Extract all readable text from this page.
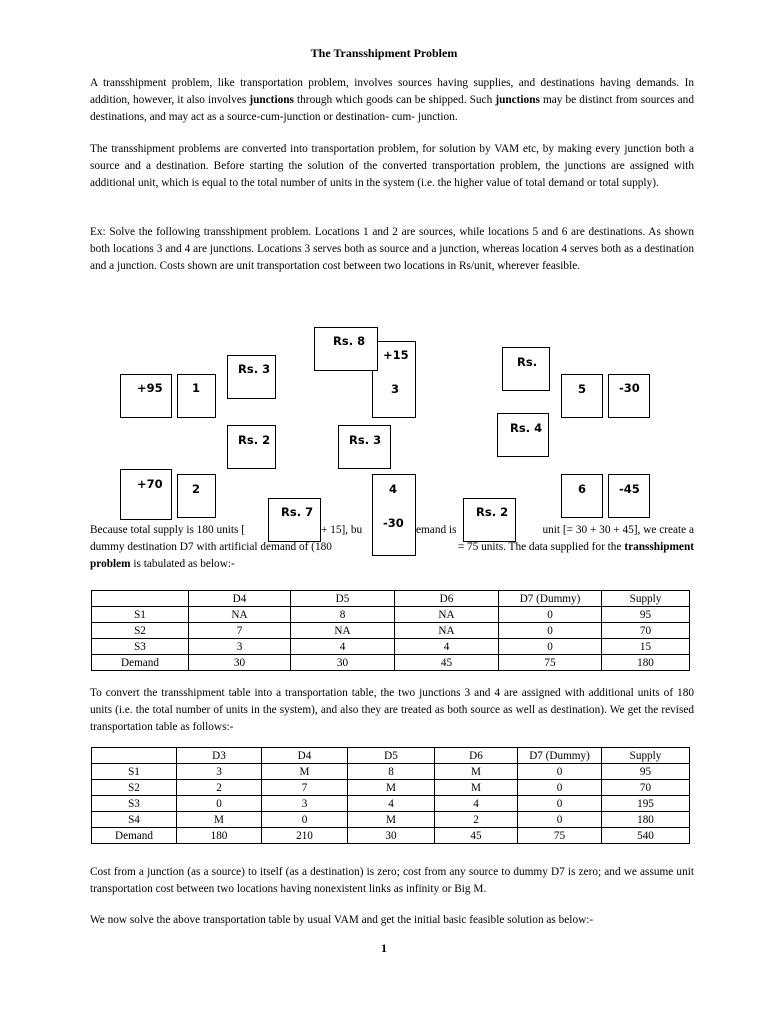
The Transshipment Problem

A transshipment problem, like transportation problem, involves sources having supplies, and destinations having demands. In addition, however, it also involves junctions through which goods can be shipped. Such junctions may be distinct from sources and destinations, and may act as a source-cum-junction or destination- cum- junction.

The transshipment problems are converted into transportation problem, for solution by VAM etc, by making every junction both a source and a destination. Before starting the solution of the converted transportation problem, the junctions are assigned with additional unit, which is equal to the total number of units in the system (i.e. the higher value of total demand or total supply).

Ex: Solve the following transshipment problem. Locations 1 and 2 are sources, while locations 5 and 6 are destinations. As shown both locations 3 and 4 are junctions. Locations 3 serves both as source and a junction, whereas location 4 serves both as a destination and a junction. Costs shown are unit transportation cost between two locations in Rs/unit, wherever feasible.

+95	1
Rs. 3
3
Rs. 8
+15	Rs.
5	-30
Rs. 2	Rs. 3
Rs. 4
+70	2	4
-30
Rs. 7	Rs. 2
6	-45
Because total supply is 180 units [	+ 15], bu	emand is	unit [= 30 + 30 + 45], we create a
dummy destination D7 with artificial demand of (180	= 75 units. The data supplied for the transshipment
problem is tabulated as below:-
	D4	D5	D6	D7 (Dummy)	Supply
S1	NA	8	NA	0	95
S2	7	NA	NA	0	70
S3	3	4	4	0	15
Demand	30	30	45	75	180

To convert the transshipment table into a transportation table, the two junctions 3 and 4 are assigned with additional units of 180 units (i.e. the total number of units in the system), and also they are treated as both source as well as destination). We get the revised transportation table as follows:-

	D3	D4	D5	D6	D7 (Dummy)	Supply
S1	3	M	8	M	0	95
S2	2	7	M	M	0	70
S3	0	3	4	4	0	195
S4	M	0	M	2	0	180
Demand	180	210	30	45	75	540

Cost from a junction (as a source) to itself (as a destination) is zero; cost from any source to dummy D7 is zero; and we assume unit transportation cost between two locations having nonexistent links as infinity or Big M.

We now solve the above transportation table by usual VAM and get the initial basic feasible solution as below:-

1
